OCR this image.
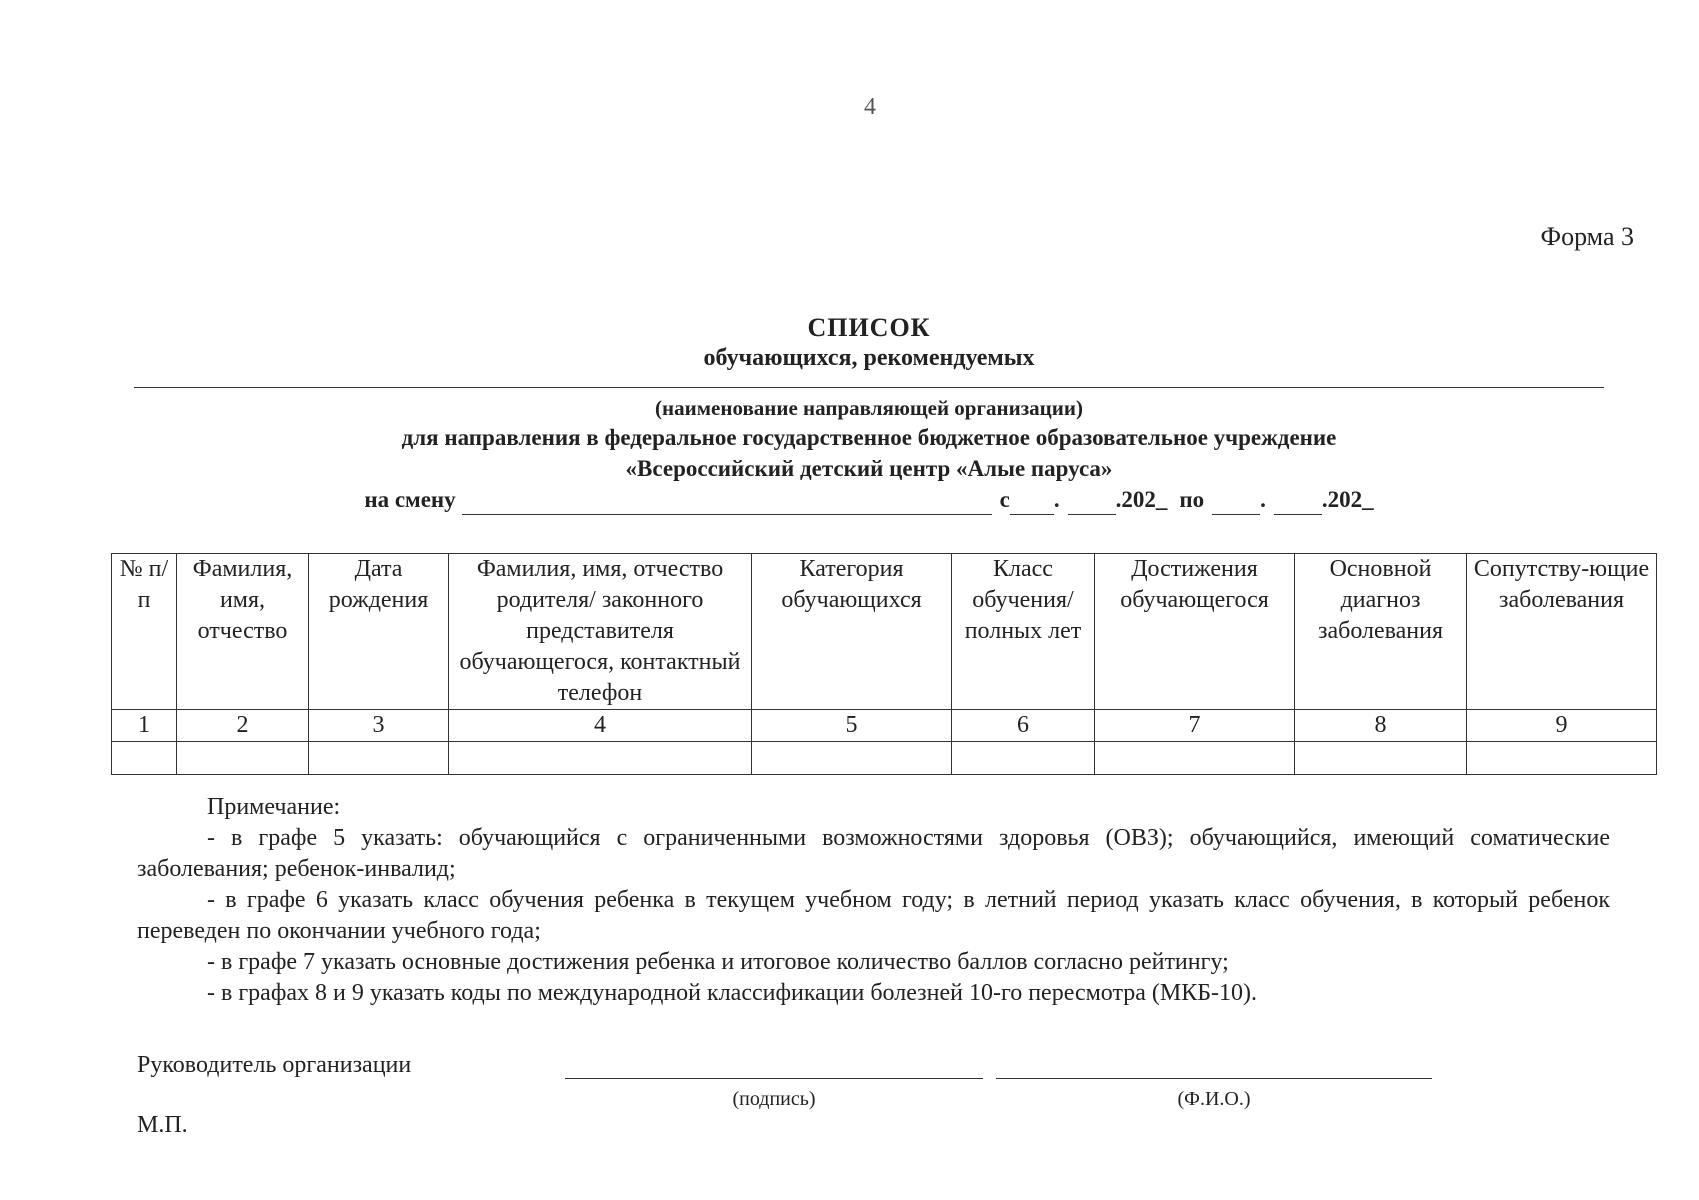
4
Форма 3
СПИСОК
обучающихся, рекомендуемых
(наименование направляющей организации)
для направления в федеральное государственное бюджетное образовательное учреждение
«Всероссийский детский центр «Алые паруса»
на смену	с . .202_ по . .202_
№ п/п	Фамилия, имя, отчество	Дата рождения	Фамилия, имя, отчество родителя/ законного представителя обучающегося, контактный телефон	Категория обучающихся	Класс обучения/ полных лет	Достижения обучающегося	Основной диагноз заболевания	Сопутству-ющие заболевания
1	2	3	4	5	6	7	8	9

Примечание:

- в графе 5 указать: обучающийся с ограниченными возможностями здоровья (ОВЗ); обучающийся, имеющий соматические заболевания; ребенок-инвалид;

- в графе 6 указать класс обучения ребенка в текущем учебном году; в летний период указать класс обучения, в который ребенок переведен по окончании учебного года;

- в графе 7 указать основные достижения ребенка и итоговое количество баллов согласно рейтингу;

- в графах 8 и 9 указать коды по международной классификации болезней 10-го пересмотра (МКБ-10).

Руководитель организации
(подпись)	(Ф.И.О.)
М.П.
